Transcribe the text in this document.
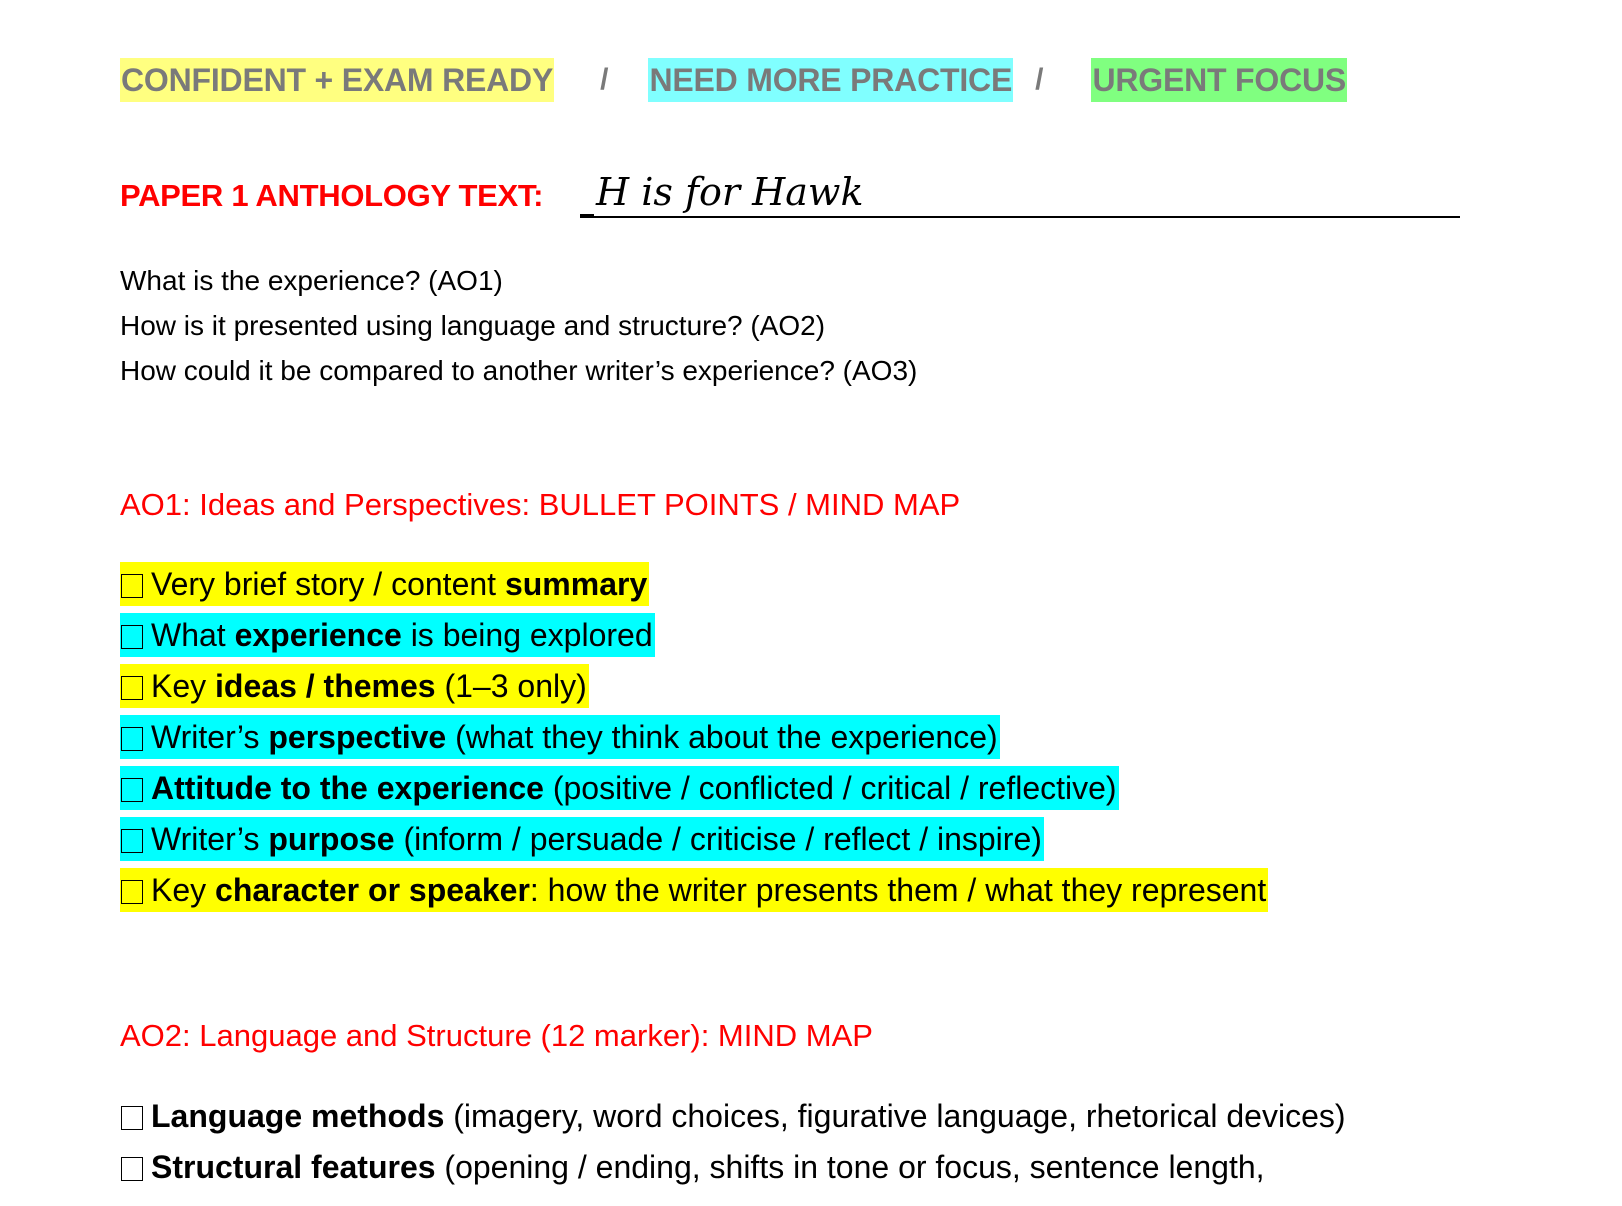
CONFIDENT + EXAM READY / NEED MORE PRACTICE / URGENT FOCUS
PAPER 1 ANTHOLOGY TEXT: H is for Hawk
What is the experience? (AO1)
How is it presented using language and structure? (AO2)
How could it be compared to another writer’s experience? (AO3)
AO1: Ideas and Perspectives: BULLET POINTS / MIND MAP
Very brief story / content summary
What experience is being explored
Key ideas / themes (1–3 only)
Writer’s perspective (what they think about the experience)
Attitude to the experience (positive / conflicted / critical / reflective)
Writer’s purpose (inform / persuade / criticise / reflect / inspire)
Key character or speaker: how the writer presents them / what they represent
AO2: Language and Structure (12 marker): MIND MAP
Language methods (imagery, word choices, figurative language, rhetorical devices)
Structural features (opening / ending, shifts in tone or focus, sentence length,
